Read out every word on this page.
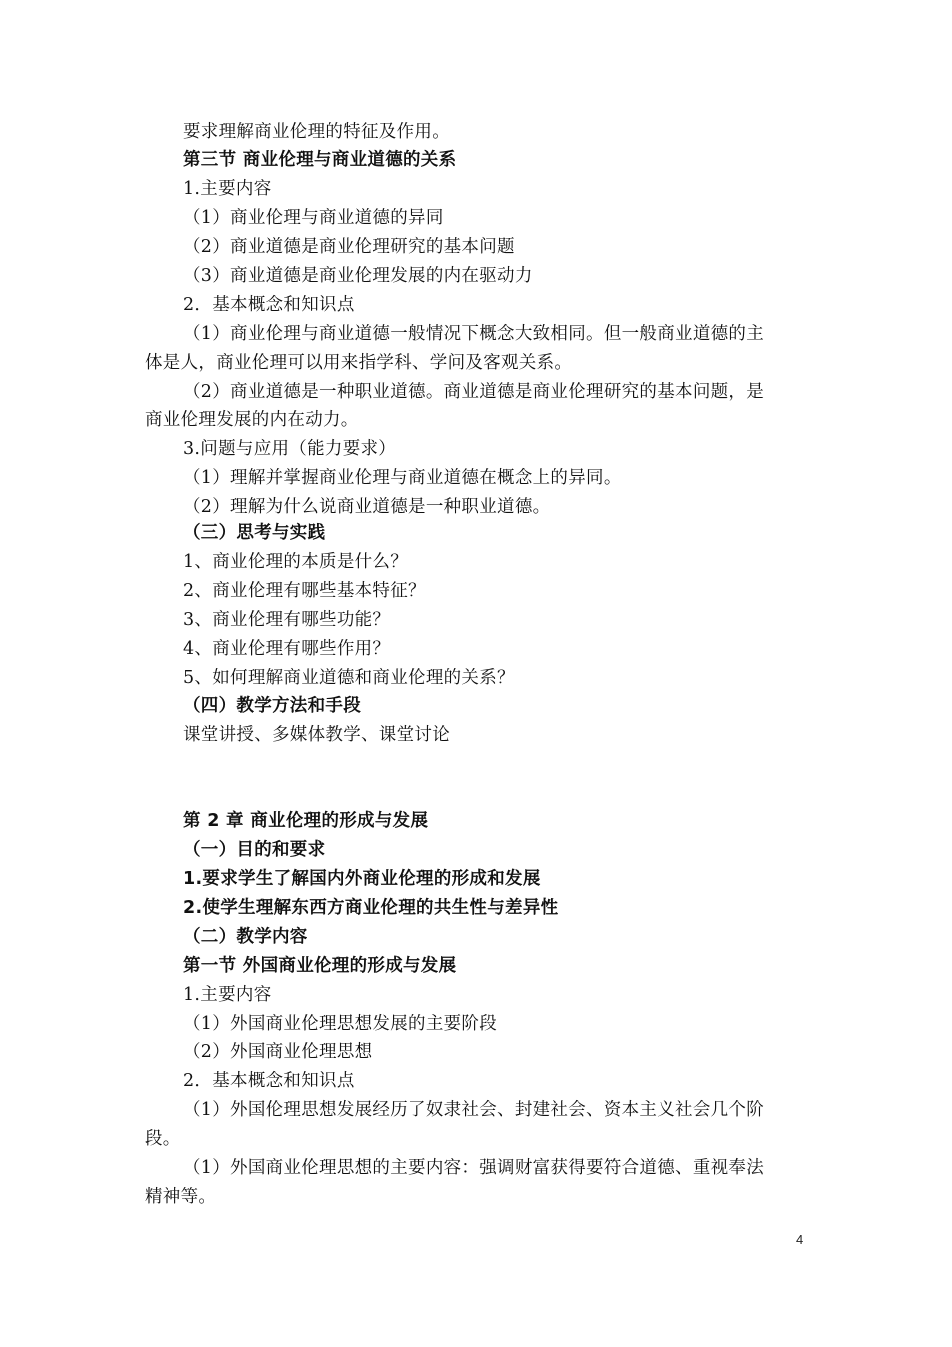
要求理解商业伦理的特征及作用。
第三节 商业伦理与商业道德的关系
1.主要内容
（1）商业伦理与商业道德的异同
（2）商业道德是商业伦理研究的基本问题
（3）商业道德是商业伦理发展的内在驱动力
2．基本概念和知识点
（1）商业伦理与商业道德一般情况下概念大致相同。但一般商业道德的主
体是人，商业伦理可以用来指学科、学问及客观关系。
（2）商业道德是一种职业道德。商业道德是商业伦理研究的基本问题，是
商业伦理发展的内在动力。
3.问题与应用（能力要求）
（1）理解并掌握商业伦理与商业道德在概念上的异同。
（2）理解为什么说商业道德是一种职业道德。
（三）思考与实践
1、商业伦理的本质是什么？
2、商业伦理有哪些基本特征？
3、商业伦理有哪些功能？
4、商业伦理有哪些作用？
5、如何理解商业道德和商业伦理的关系？
（四）教学方法和手段
课堂讲授、多媒体教学、课堂讨论
第 2 章 商业伦理的形成与发展
（一）目的和要求
1.要求学生了解国内外商业伦理的形成和发展
2.使学生理解东西方商业伦理的共生性与差异性
（二）教学内容
第一节 外国商业伦理的形成与发展
1.主要内容
（1）外国商业伦理思想发展的主要阶段
（2）外国商业伦理思想
2．基本概念和知识点
（1）外国伦理思想发展经历了奴隶社会、封建社会、资本主义社会几个阶
段。
（1）外国商业伦理思想的主要内容：强调财富获得要符合道德、重视奉法
精神等。
4
